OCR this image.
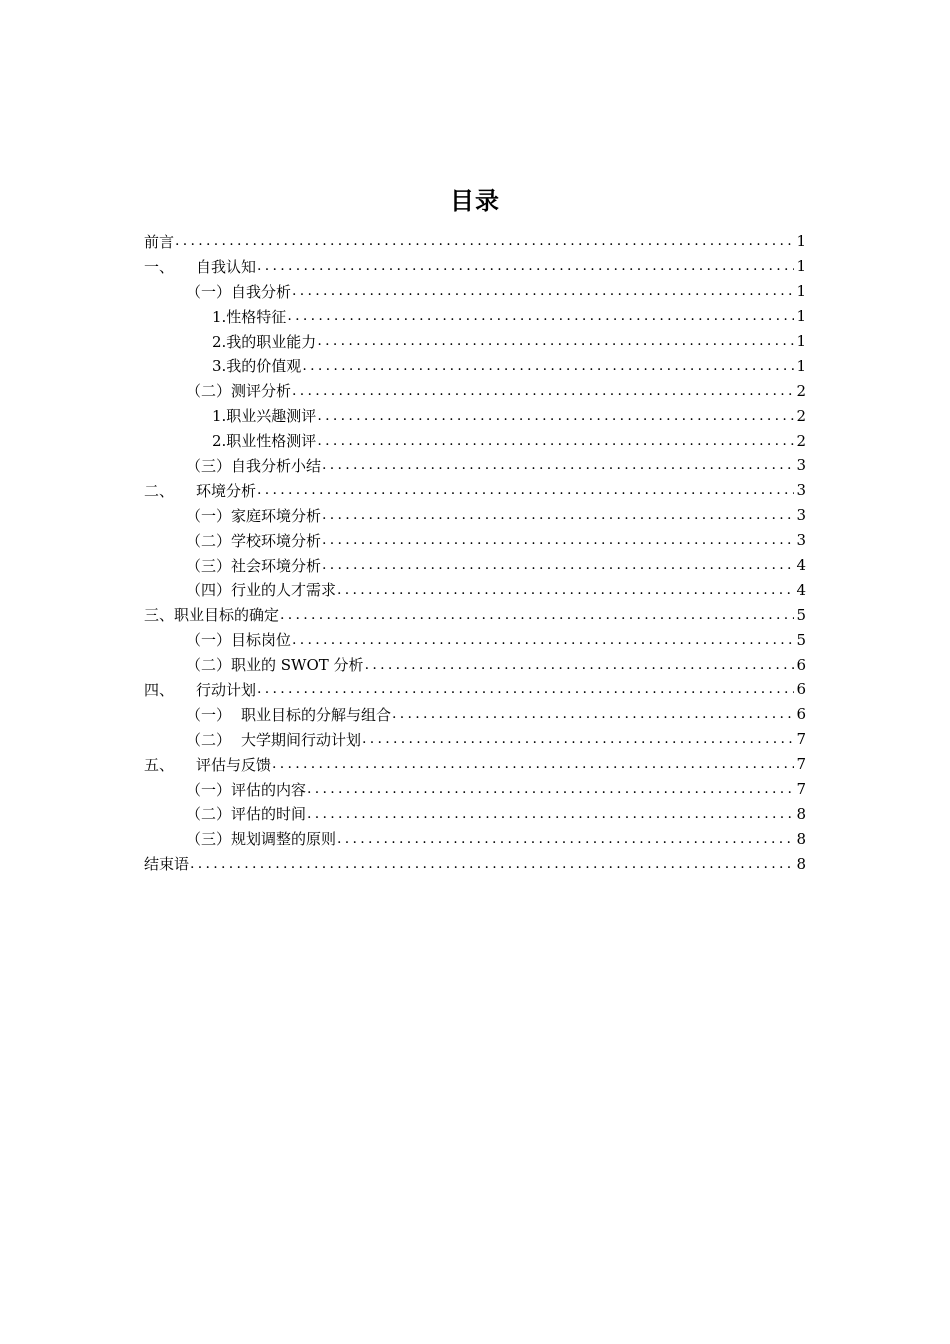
目录
前言 .....	1
一、 自我认知 .....	1
（一） 自我分析 .....	1
1.性格特征 .....	1
2.我的职业能力 .....	1
3.我的价值观 .....	1
（二） 测评分析 .....	2
1.职业兴趣测评 .....	2
2.职业性格测评 .....	2
（三） 自我分析小结 .....	3
二、 环境分析 .....	3
（一） 家庭环境分析 .....	3
（二） 学校环境分析 .....	3
（三） 社会环境分析 .....	4
（四） 行业的人才需求 .....	4
三、 职业目标的确定 .....	5
（一） 目标岗位 .....	5
（二） 职业的 SWOT 分析 .....	6
四、 行动计划 .....	6
（一） 职业目标的分解与组合 .....	6
（二） 大学期间行动计划 .....	7
五、 评估与反馈 .....	7
（一） 评估的内容 .....	7
（二） 评估的时间 .....	8
（三） 规划调整的原则 .....	8
结束语 .....	8
